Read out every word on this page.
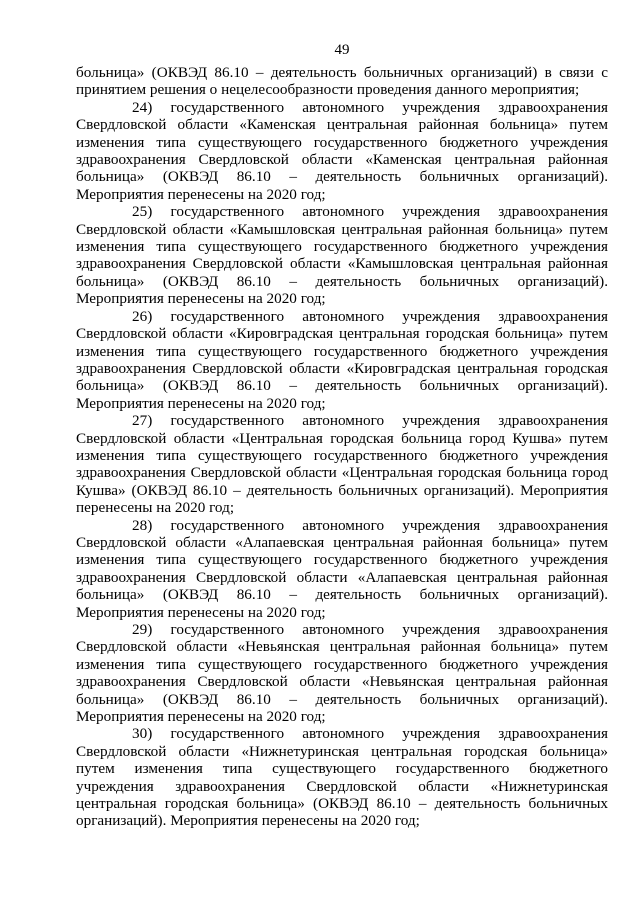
49

больница» (ОКВЭД 86.10 – деятельность больничных организаций) в связи с принятием решения о нецелесообразности проведения данного мероприятия;

24) государственного автономного учреждения здравоохранения Свердловской области «Каменская центральная районная больница» путем изменения типа существующего государственного бюджетного учреждения здравоохранения Свердловской области «Каменская центральная районная больница» (ОКВЭД 86.10 – деятельность больничных организаций). Мероприятия перенесены на 2020 год;

25) государственного автономного учреждения здравоохранения Свердловской области «Камышловская центральная районная больница» путем изменения типа существующего государственного бюджетного учреждения здравоохранения Свердловской области «Камышловская центральная районная больница» (ОКВЭД 86.10 – деятельность больничных организаций). Мероприятия перенесены на 2020 год;

26) государственного автономного учреждения здравоохранения Свердловской области «Кировградская центральная городская больница» путем изменения типа существующего государственного бюджетного учреждения здравоохранения Свердловской области «Кировградская центральная городская больница» (ОКВЭД 86.10 – деятельность больничных организаций). Мероприятия перенесены на 2020 год;

27) государственного автономного учреждения здравоохранения Свердловской области «Центральная городская больница город Кушва» путем изменения типа существующего государственного бюджетного учреждения здравоохранения Свердловской области «Центральная городская больница город Кушва» (ОКВЭД 86.10 – деятельность больничных организаций). Мероприятия перенесены на 2020 год;

28) государственного автономного учреждения здравоохранения Свердловской области «Алапаевская центральная районная больница» путем изменения типа существующего государственного бюджетного учреждения здравоохранения Свердловской области «Алапаевская центральная районная больница» (ОКВЭД 86.10 – деятельность больничных организаций). Мероприятия перенесены на 2020 год;

29) государственного автономного учреждения здравоохранения Свердловской области «Невьянская центральная районная больница» путем изменения типа существующего государственного бюджетного учреждения здравоохранения Свердловской области «Невьянская центральная районная больница» (ОКВЭД 86.10 – деятельность больничных организаций). Мероприятия перенесены на 2020 год;

30) государственного автономного учреждения здравоохранения Свердловской области «Нижнетуринская центральная городская больница» путем изменения типа существующего государственного бюджетного учреждения здравоохранения Свердловской области «Нижнетуринская центральная городская больница» (ОКВЭД 86.10 – деятельность больничных организаций). Мероприятия перенесены на 2020 год;
